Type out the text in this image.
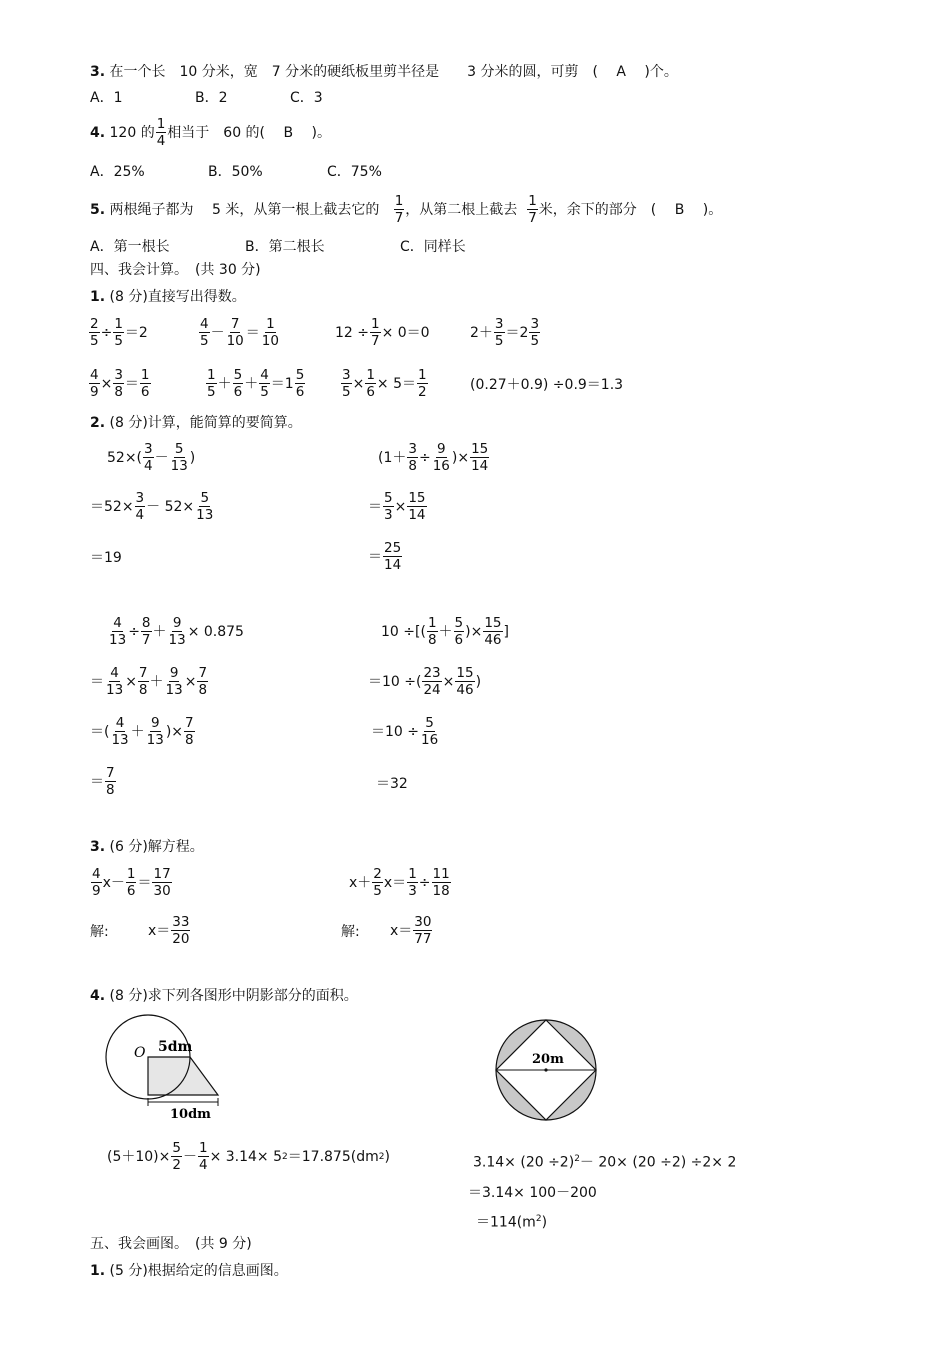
3. 在一个长　10 分米，宽　7 分米的硬纸板里剪半径是　　3 分米的圆，可剪　(　 A　 )个。
A．1	B．2	C．3
4.
120 的 $\frac{1}{4}$ 相当于　60 的(　 B　 )。
A．25%	B．50%	C．75%
5.
两根绳子都为　 5 米，从第一根上截去它的
$\frac{1}{7}$ ，从第二根上截去
$\frac{1}{7}$ 米，余下的部分　(　 B　 )。
A．第一根长	B．第二根长	C．同样长
四、我会计算。　(共 30 分)
1. (8 分)直接写出得数。
$\frac{2}{5} \div \frac{1}{5} =2$	$\frac{4}{5} - \frac{7}{10} = \frac{1}{10}$	$12 \div \frac{1}{7} \times 0=0$	$2+ \frac{3}{5} =2 \frac{3}{5}$
$\frac{4}{9} \times \frac{3}{8} = \frac{1}{6}$	$\frac{1}{5} + \frac{5}{6} + \frac{4}{5} =1 \frac{5}{6}$	$\frac{3}{5} \times \frac{1}{6} \times 5= \frac{1}{2}$	(0.27＋0.9) ÷0.9＝1.3
2. (8 分)计算，能简算的要简算。
52× ( $\frac{3}{4} - \frac{5}{13}$ )
$=52\times \frac{3}{4} - 52\times \frac{5}{13}$
＝19
($1+ \frac{3}{8} \div \frac{9}{16}$ )× $\frac{15}{14}$
＝ $\frac{5}{3} \times \frac{15}{14}$
＝ $\frac{25}{14}$
$\frac{4}{13} \div \frac{8}{7} + \frac{9}{13} \times 0.875$
＝ $\frac{4}{13} \times \frac{7}{8} + \frac{9}{13} \times \frac{7}{8}$
＝( $\frac{4}{13} + \frac{9}{13}$ )× $\frac{7}{8}$
＝ $\frac{7}{8}$
10 ÷ [( $\frac{1}{8} + \frac{5}{6}$ )× $\frac{15}{46}$ ]
＝10 ÷ ( $\frac{23}{24} \times \frac{15}{46}$ )
$=10 \div \frac{5}{16}$
＝32
3. (6 分)解方程。
$\frac{4}{9} x- \frac{1}{6} = \frac{17}{30}$	$x+ \frac{2}{5} x= \frac{1}{3} \div \frac{11}{18}$
解:	$x= \frac{33}{20}$	解: $x= \frac{30}{77}$
4. (8 分)求下列各图形中阴影部分的面积。
5dm
O
10dm
20m
$(5+10)\times \frac{5}{2} - \frac{1}{4} \times 3.14\times 5$ 2 ＝17.875(dm 2 )	$3.14\times (20 \div 2)^2- 20\times (20 \div 2) \div 2\times 2$
＝3.14× 100－200
$=114(m^2)$
五、我会画图。　(共 9 分)
1. (5 分)根据给定的信息画图。
